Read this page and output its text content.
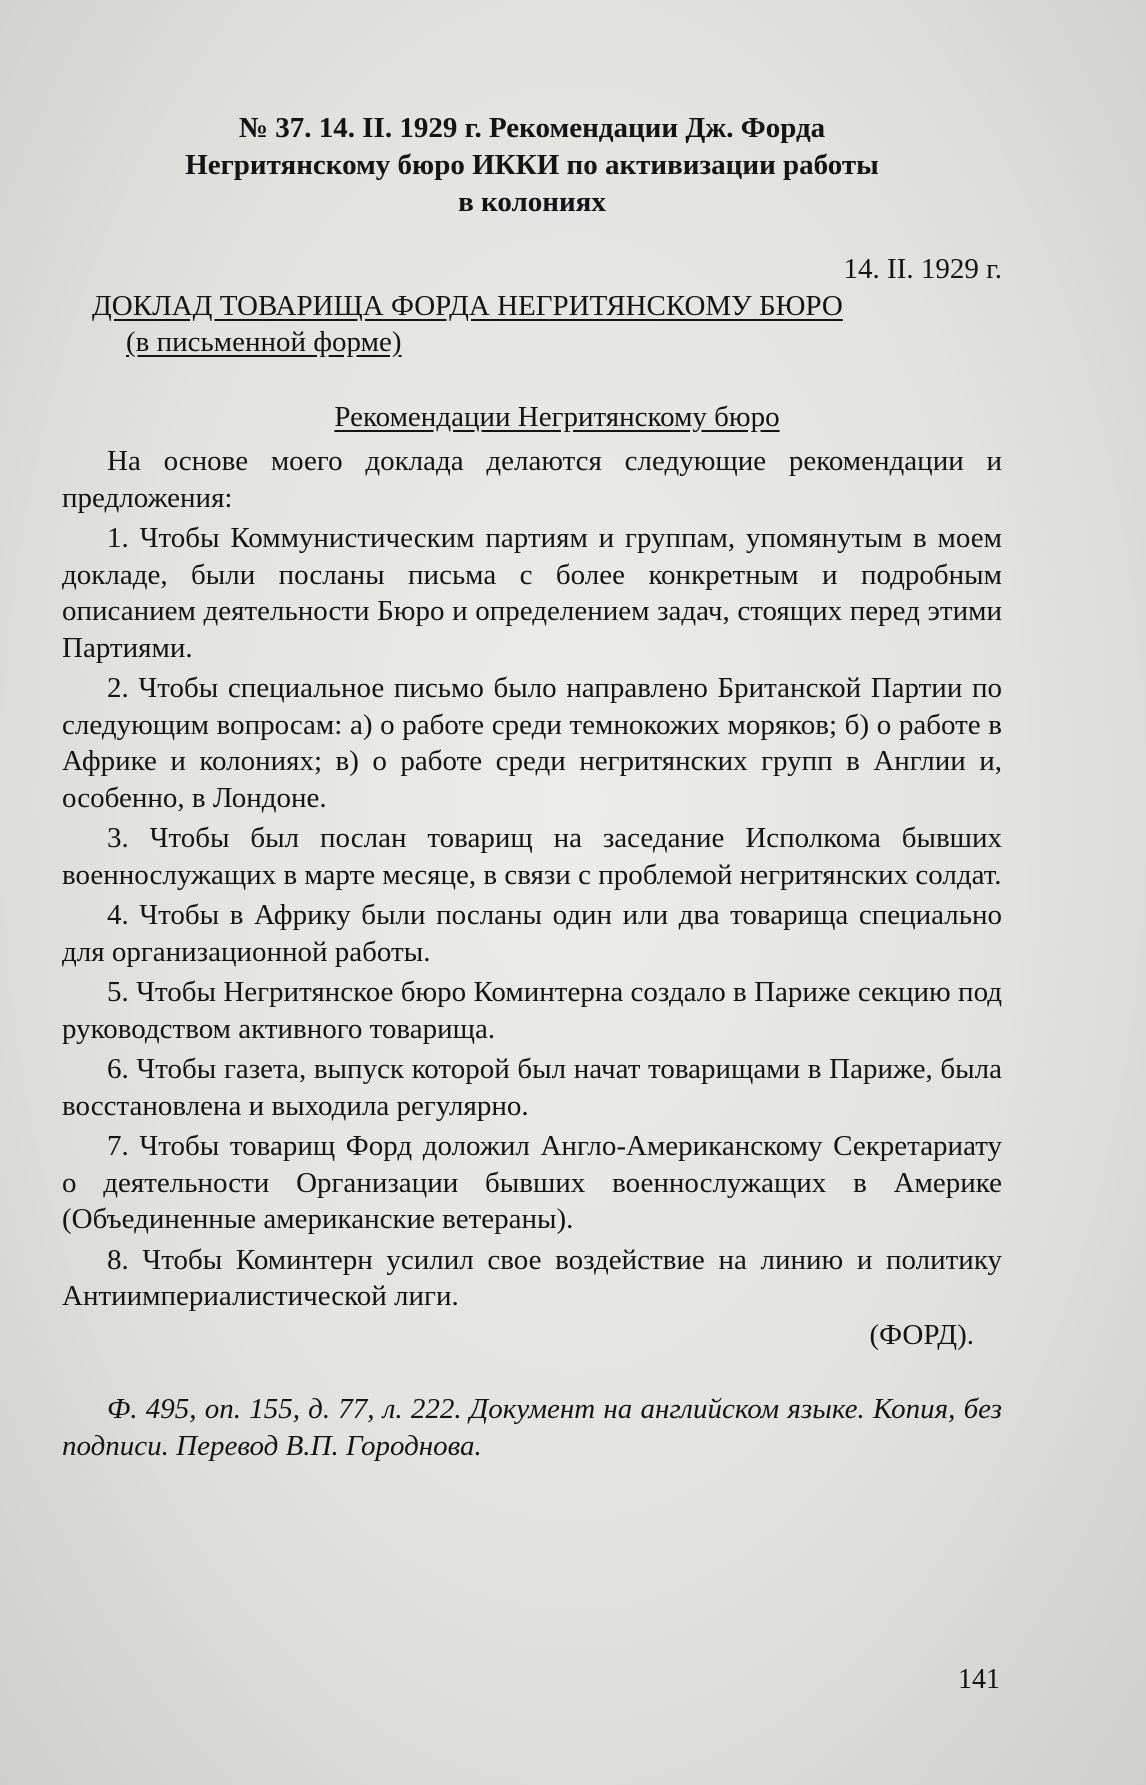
№ 37. 14. II. 1929 г. Рекомендации Дж. Форда
Негритянскому бюро ИККИ по активизации работы
в колониях

14. II. 1929 г.

ДОКЛАД ТОВАРИЩА ФОРДА НЕГРИТЯНСКОМУ БЮРО

(в письменной форме)

Рекомендации Негритянскому бюро

На основе моего доклада делаются следующие рекомендации и предложения:

1. Чтобы Коммунистическим партиям и группам, упомянутым в моем докладе, были посланы письма с более конкретным и подробным описанием деятельности Бюро и определением задач, стоящих перед этими Партиями.

2. Чтобы специальное письмо было направлено Британской Партии по следующим вопросам: а) о работе среди темнокожих моряков; б) о работе в Африке и колониях; в) о работе среди негритянских групп в Англии и, особенно, в Лондоне.

3. Чтобы был послан товарищ на заседание Исполкома бывших военнослужащих в марте месяце, в связи с проблемой негритянских солдат.

4. Чтобы в Африку были посланы один или два товарища специально для организационной работы.

5. Чтобы Негритянское бюро Коминтерна создало в Париже секцию под руководством активного товарища.

6. Чтобы газета, выпуск которой был начат товарищами в Париже, была восстановлена и выходила регулярно.

7. Чтобы товарищ Форд доложил Англо-Американскому Секретариату о деятельности Организации бывших военнослужащих в Америке (Объединенные американские ветераны).

8. Чтобы Коминтерн усилил свое воздействие на линию и политику Антиимпериалистической лиги.

(ФОРД).

Ф. 495, оп. 155, д. 77, л. 222. Документ на английском языке. Копия, без подписи. Перевод В.П. Городнова.

141
